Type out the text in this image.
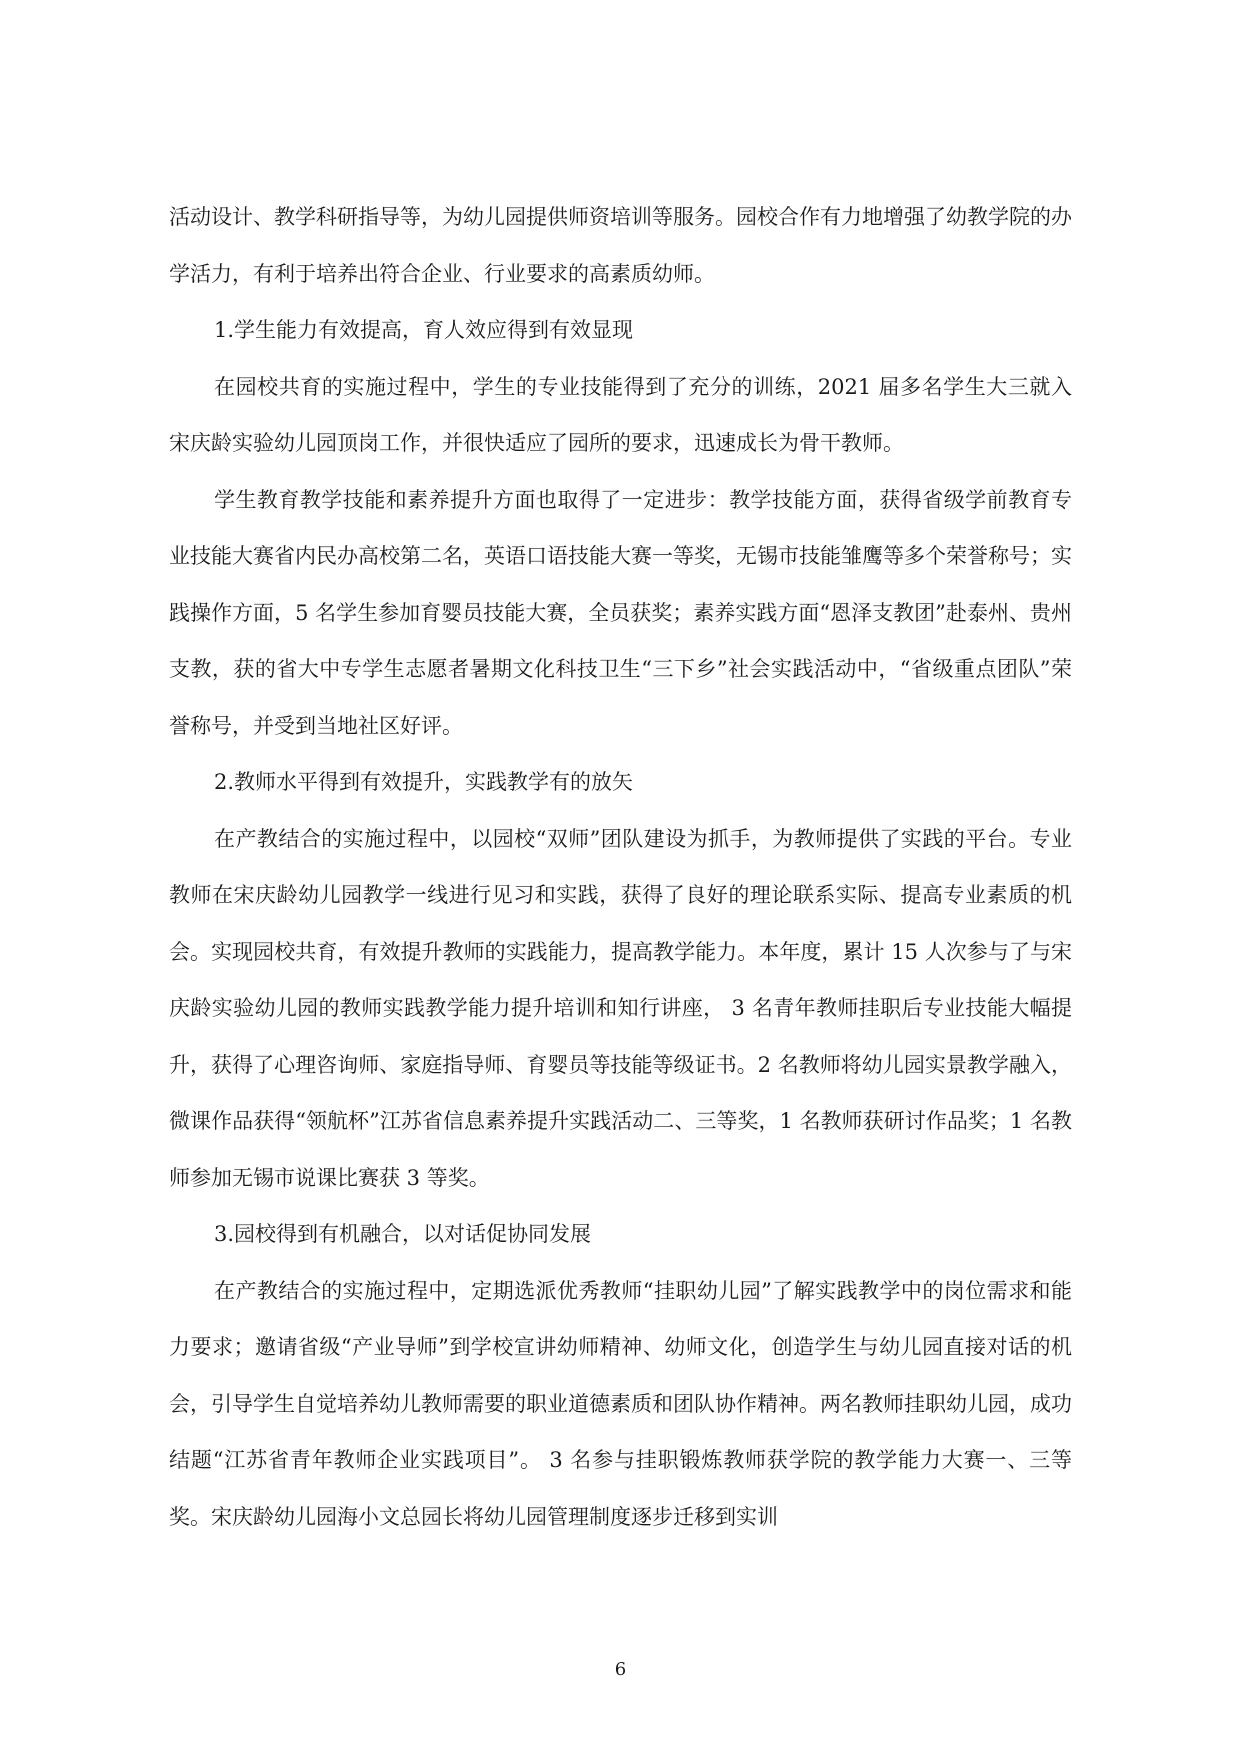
活动设计、教学科研指导等，为幼儿园提供师资培训等服务。园校合作有力地增强了幼教学院的办学活力，有利于培养出符合企业、行业要求的高素质幼师。

1.学生能力有效提高，育人效应得到有效显现

在园校共育的实施过程中，学生的专业技能得到了充分的训练，2021 届多名学生大三就入宋庆龄实验幼儿园顶岗工作，并很快适应了园所的要求，迅速成长为骨干教师。

学生教育教学技能和素养提升方面也取得了一定进步：教学技能方面，获得省级学前教育专业技能大赛省内民办高校第二名，英语口语技能大赛一等奖，无锡市技能雏鹰等多个荣誉称号；实践操作方面，5 名学生参加育婴员技能大赛，全员获奖；素养实践方面“恩泽支教团”赴泰州、贵州支教，获的省大中专学生志愿者暑期文化科技卫生“三下乡”社会实践活动中，“省级重点团队”荣誉称号，并受到当地社区好评。

2.教师水平得到有效提升，实践教学有的放矢

在产教结合的实施过程中，以园校“双师”团队建设为抓手，为教师提供了实践的平台。专业教师在宋庆龄幼儿园教学一线进行见习和实践，获得了良好的理论联系实际、提高专业素质的机会。实现园校共育，有效提升教师的实践能力，提高教学能力。本年度，累计 15 人次参与了与宋庆龄实验幼儿园的教师实践教学能力提升培训和知行讲座， 3 名青年教师挂职后专业技能大幅提升，获得了心理咨询师、家庭指导师、育婴员等技能等级证书。2 名教师将幼儿园实景教学融入，微课作品获得“领航杯”江苏省信息素养提升实践活动二、三等奖，1 名教师获研讨作品奖；1 名教师参加无锡市说课比赛获 3 等奖。

3.园校得到有机融合，以对话促协同发展

在产教结合的实施过程中，定期选派优秀教师“挂职幼儿园”了解实践教学中的岗位需求和能力要求；邀请省级“产业导师”到学校宣讲幼师精神、幼师文化，创造学生与幼儿园直接对话的机会，引导学生自觉培养幼儿教师需要的职业道德素质和团队协作精神。两名教师挂职幼儿园，成功结题“江苏省青年教师企业实践项目”。 3 名参与挂职锻炼教师获学院的教学能力大赛一、三等奖。宋庆龄幼儿园海小文总园长将幼儿园管理制度逐步迁移到实训

6
